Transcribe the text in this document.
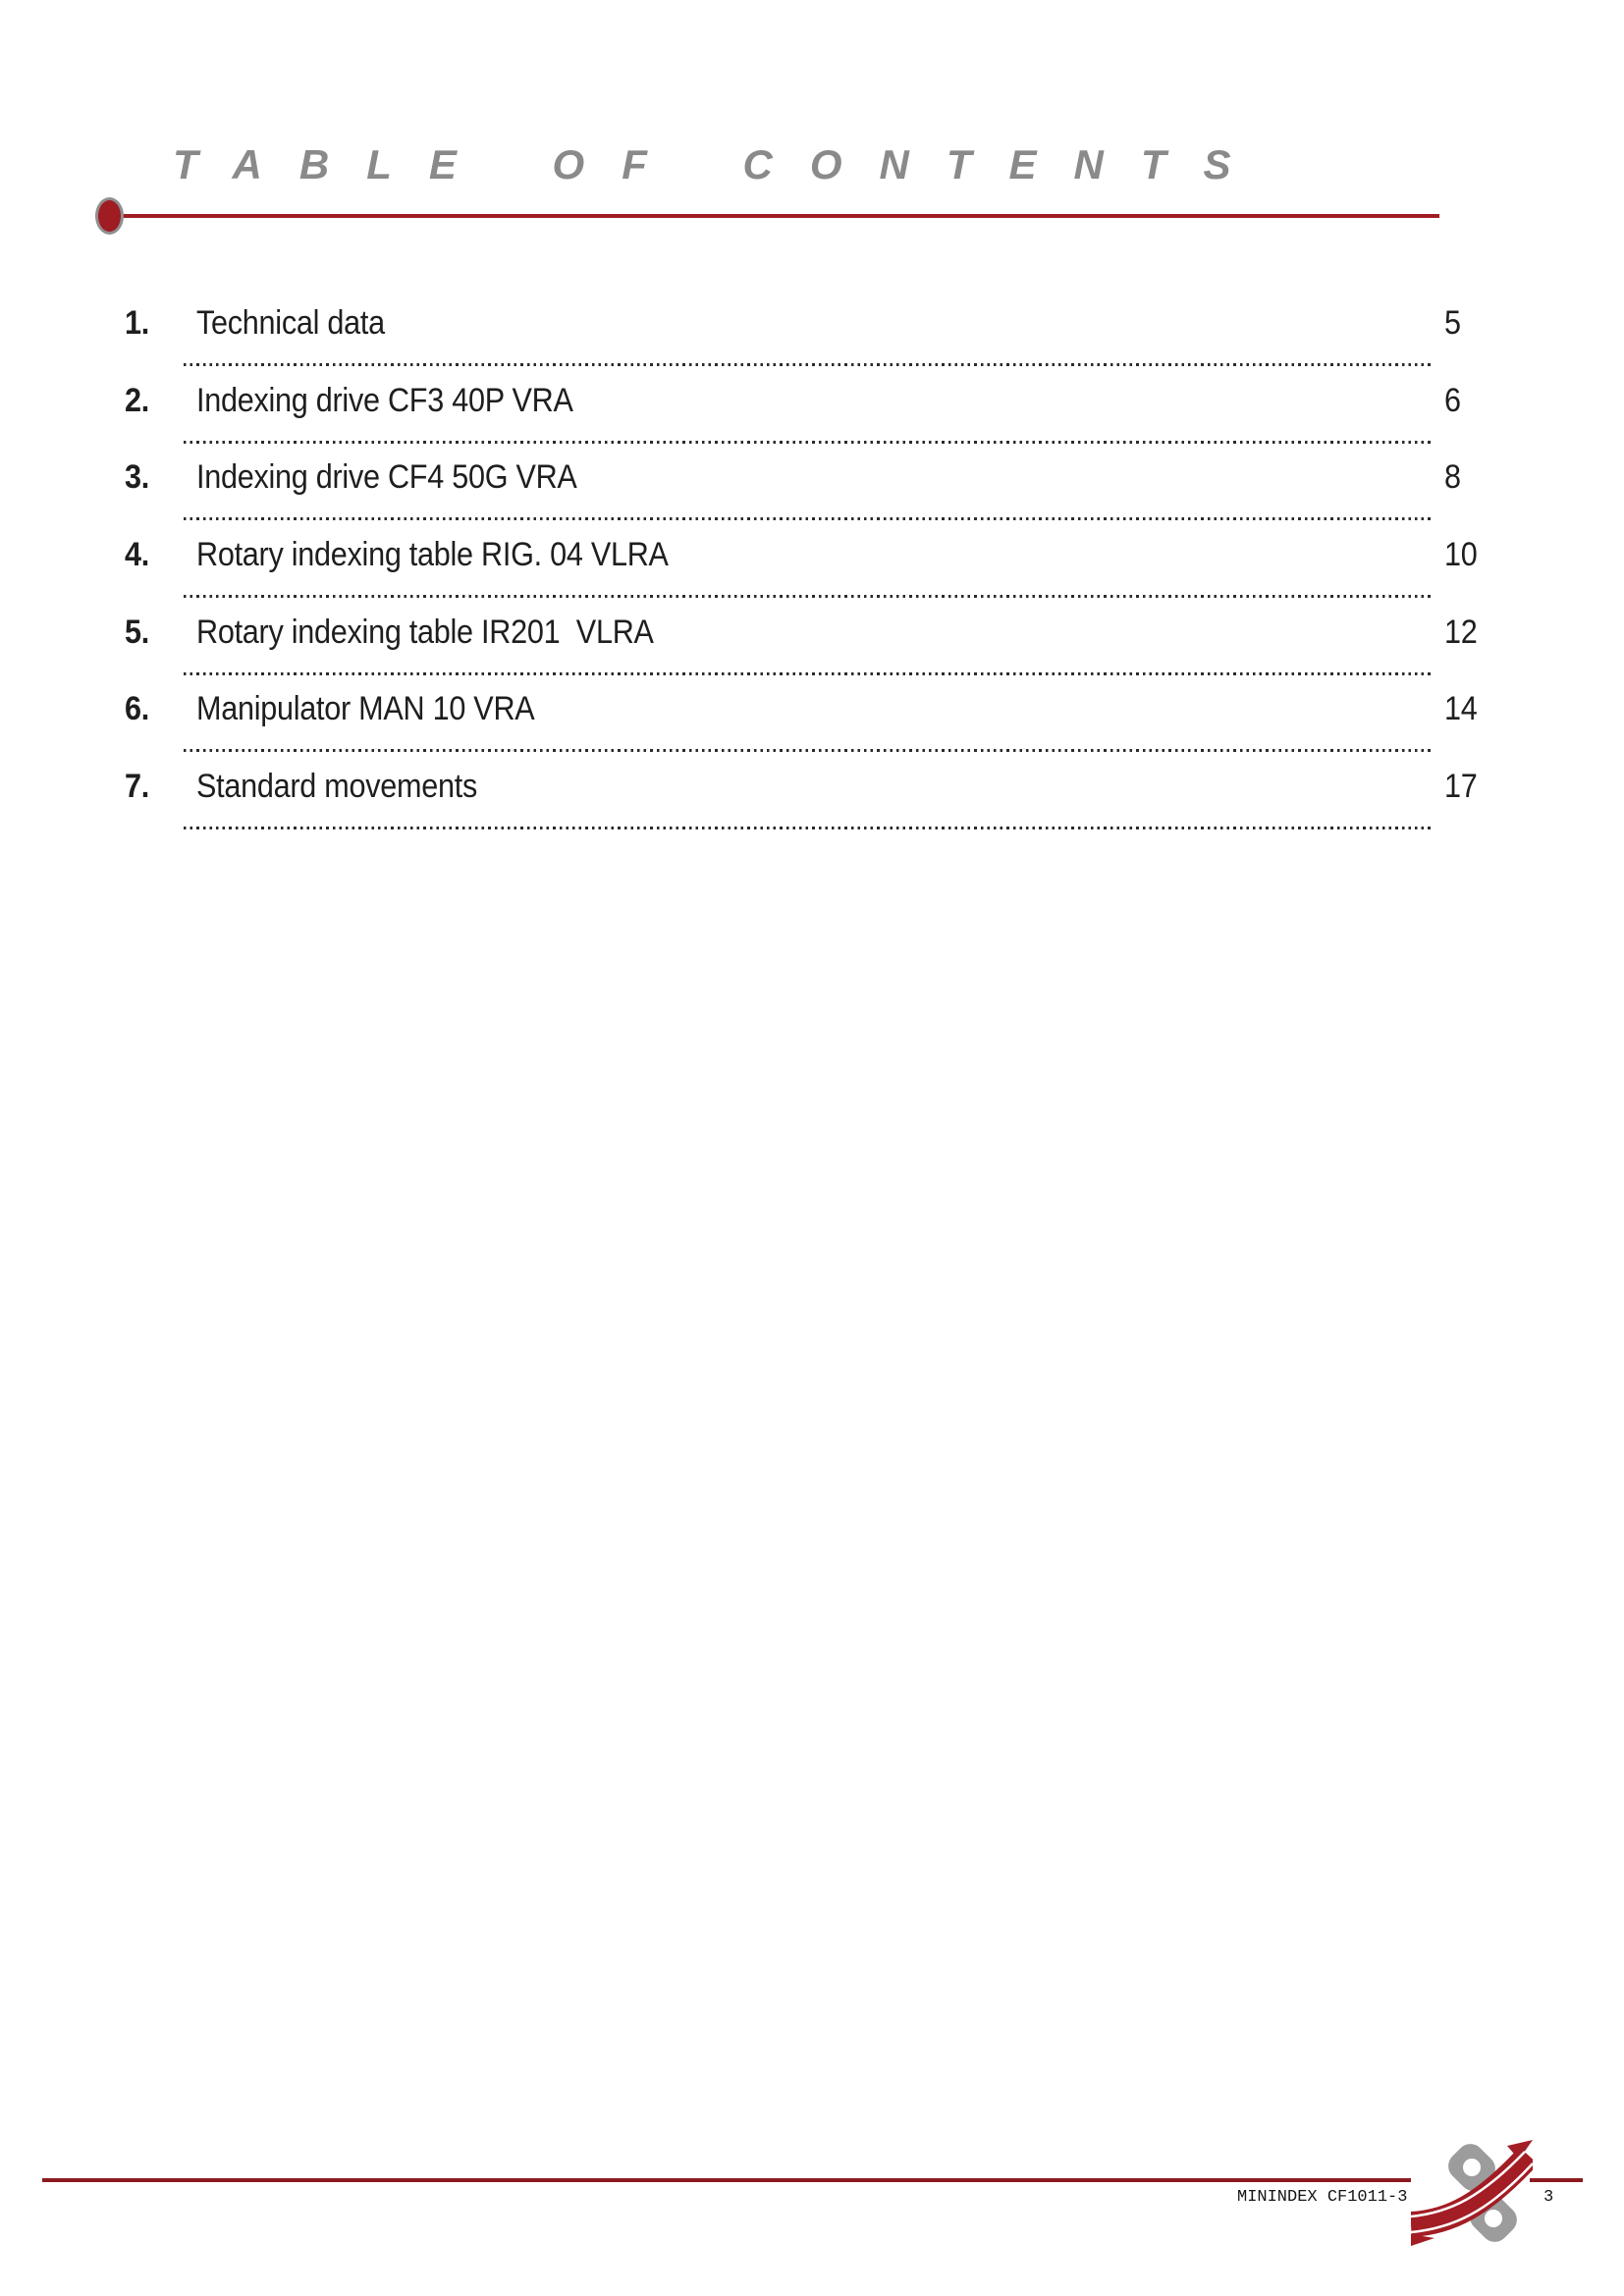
TABLE OF CONTENTS
1. Technical data	5
2. Indexing drive CF3 40P VRA	6
3. Indexing drive CF4 50G VRA	8
4. Rotary indexing table RIG. 04 VLRA	10
5. Rotary indexing table IR201  VLRA	12
6. Manipulator MAN 10 VRA	14
7. Standard movements	17
MININDEX CF1011-3	3
